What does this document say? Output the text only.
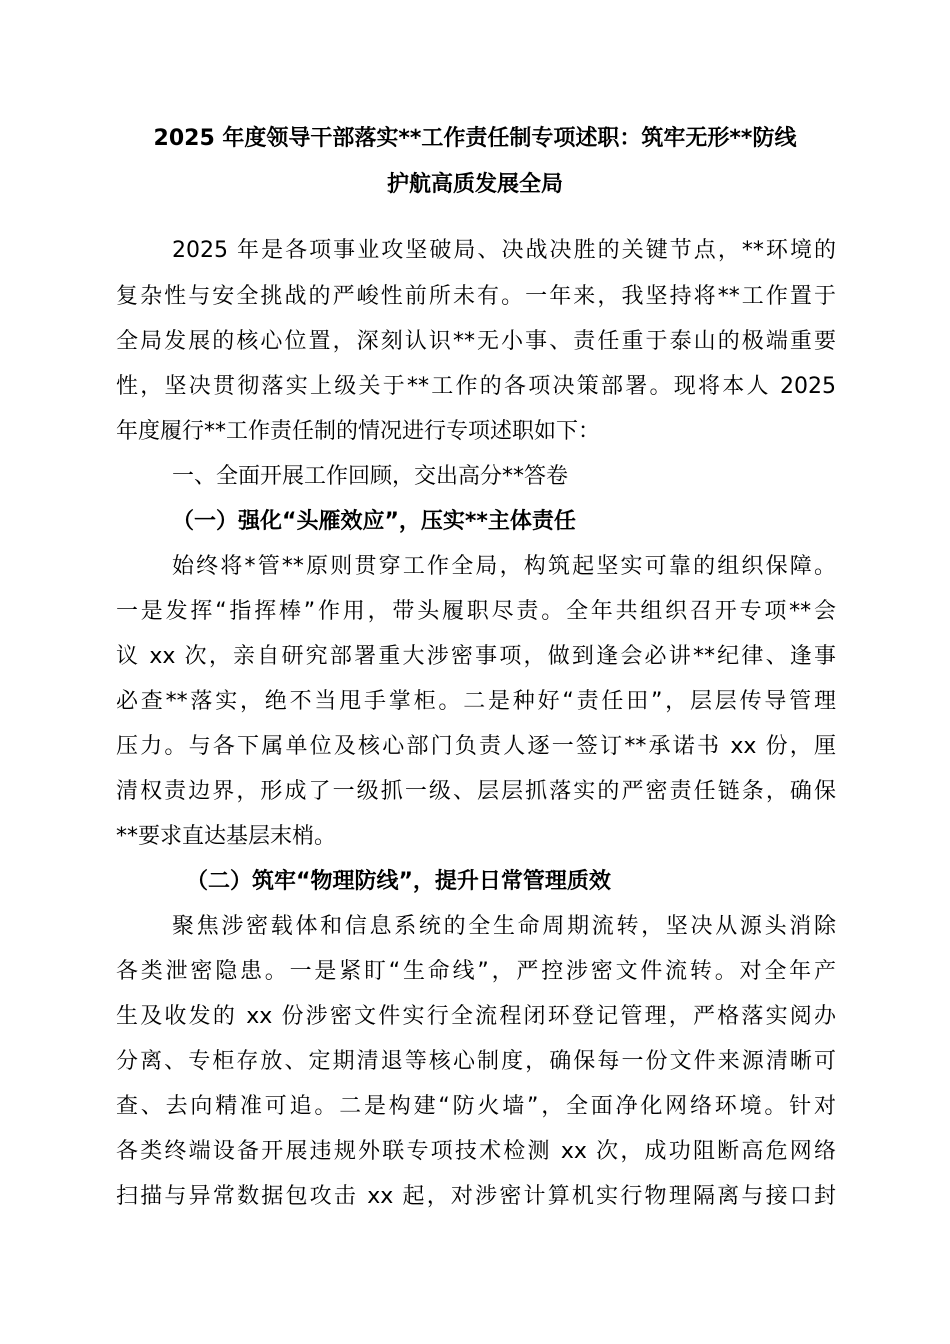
2025 年度领导干部落实**工作责任制专项述职：筑牢无形**防线
护航高质发展全局
2025 年是各项事业攻坚破局、决战决胜的关键节点，**环境的
复杂性与安全挑战的严峻性前所未有。一年来，我坚持将**工作置于
全局发展的核心位置，深刻认识**无小事、责任重于泰山的极端重要
性，坚决贯彻落实上级关于**工作的各项决策部署。现将本人 2025
年度履行**工作责任制的情况进行专项述职如下：
一、全面开展工作回顾，交出高分**答卷
（一）强化“头雁效应”，压实**主体责任
始终将*管**原则贯穿工作全局，构筑起坚实可靠的组织保障。
一是发挥“指挥棒”作用，带头履职尽责。全年共组织召开专项**会
议 xx 次，亲自研究部署重大涉密事项，做到逢会必讲**纪律、逢事
必查**落实，绝不当甩手掌柜。二是种好“责任田”，层层传导管理
压力。与各下属单位及核心部门负责人逐一签订**承诺书 xx 份，厘
清权责边界，形成了一级抓一级、层层抓落实的严密责任链条，确保
**要求直达基层末梢。
（二）筑牢“物理防线”，提升日常管理质效
聚焦涉密载体和信息系统的全生命周期流转，坚决从源头消除
各类泄密隐患。一是紧盯“生命线”，严控涉密文件流转。对全年产
生及收发的 xx 份涉密文件实行全流程闭环登记管理，严格落实阅办
分离、专柜存放、定期清退等核心制度，确保每一份文件来源清晰可
查、去向精准可追。二是构建“防火墙”，全面净化网络环境。针对
各类终端设备开展违规外联专项技术检测 xx 次，成功阻断高危网络
扫描与异常数据包攻击 xx 起，对涉密计算机实行物理隔离与接口封
